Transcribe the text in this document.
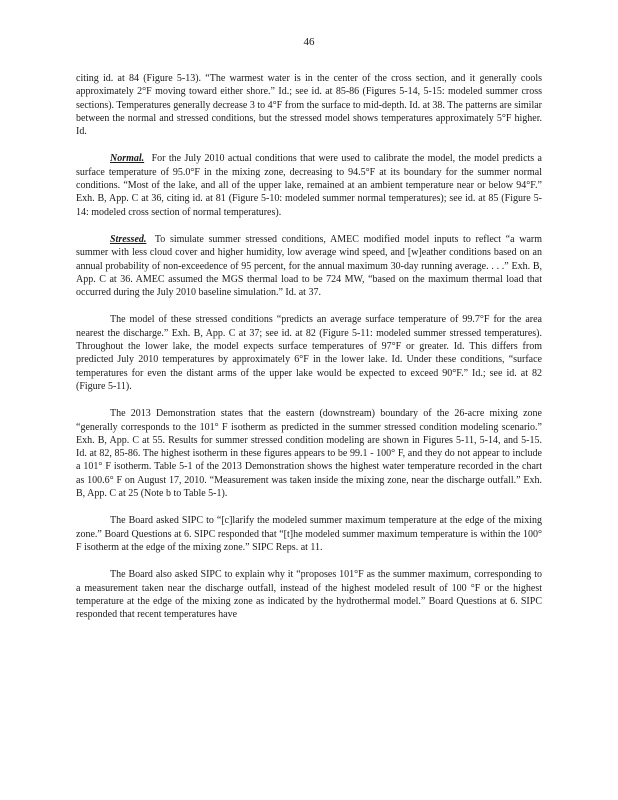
46

citing id. at 84 (Figure 5-13). “The warmest water is in the center of the cross section, and it generally cools approximately 2°F moving toward either shore.” Id.; see id. at 85-86 (Figures 5-14, 5-15: modeled summer cross sections). Temperatures generally decrease 3 to 4°F from the surface to mid-depth. Id. at 38. The patterns are similar between the normal and stressed conditions, but the stressed model shows temperatures approximately 5°F higher. Id.

Normal. For the July 2010 actual conditions that were used to calibrate the model, the model predicts a surface temperature of 95.0°F in the mixing zone, decreasing to 94.5°F at its boundary for the summer normal conditions. “Most of the lake, and all of the upper lake, remained at an ambient temperature near or below 94°F.” Exh. B, App. C at 36, citing id. at 81 (Figure 5-10: modeled summer normal temperatures); see id. at 85 (Figure 5-14: modeled cross section of normal temperatures).

Stressed. To simulate summer stressed conditions, AMEC modified model inputs to reflect “a warm summer with less cloud cover and higher humidity, low average wind speed, and [w]eather conditions based on an annual probability of non-exceedence of 95 percent, for the annual maximum 30-day running average. . . .” Exh. B, App. C at 36. AMEC assumed the MGS thermal load to be 724 MW, “based on the maximum thermal load that occurred during the July 2010 baseline simulation.” Id. at 37.

The model of these stressed conditions “predicts an average surface temperature of 99.7°F for the area nearest the discharge.” Exh. B, App. C at 37; see id. at 82 (Figure 5-11: modeled summer stressed temperatures). Throughout the lower lake, the model expects surface temperatures of 97°F or greater. Id. This differs from predicted July 2010 temperatures by approximately 6°F in the lower lake. Id. Under these conditions, “surface temperatures for even the distant arms of the upper lake would be expected to exceed 90°F.” Id.; see id. at 82 (Figure 5-11).

The 2013 Demonstration states that the eastern (downstream) boundary of the 26-acre mixing zone “generally corresponds to the 101° F isotherm as predicted in the summer stressed condition modeling scenario.” Exh. B, App. C at 55. Results for summer stressed condition modeling are shown in Figures 5-11, 5-14, and 5-15. Id. at 82, 85-86. The highest isotherm in these figures appears to be 99.1 - 100° F, and they do not appear to include a 101° F isotherm. Table 5-1 of the 2013 Demonstration shows the highest water temperature recorded in the chart as 100.6° F on August 17, 2010. “Measurement was taken inside the mixing zone, near the discharge outfall.” Exh. B, App. C at 25 (Note b to Table 5-1).

The Board asked SIPC to “[c]larify the modeled summer maximum temperature at the edge of the mixing zone.” Board Questions at 6. SIPC responded that “[t]he modeled summer maximum temperature is within the 100° F isotherm at the edge of the mixing zone.” SIPC Reps. at 11.

The Board also asked SIPC to explain why it “proposes 101°F as the summer maximum, corresponding to a measurement taken near the discharge outfall, instead of the highest modeled result of 100 °F or the highest temperature at the edge of the mixing zone as indicated by the hydrothermal model.” Board Questions at 6. SIPC responded that recent temperatures have
